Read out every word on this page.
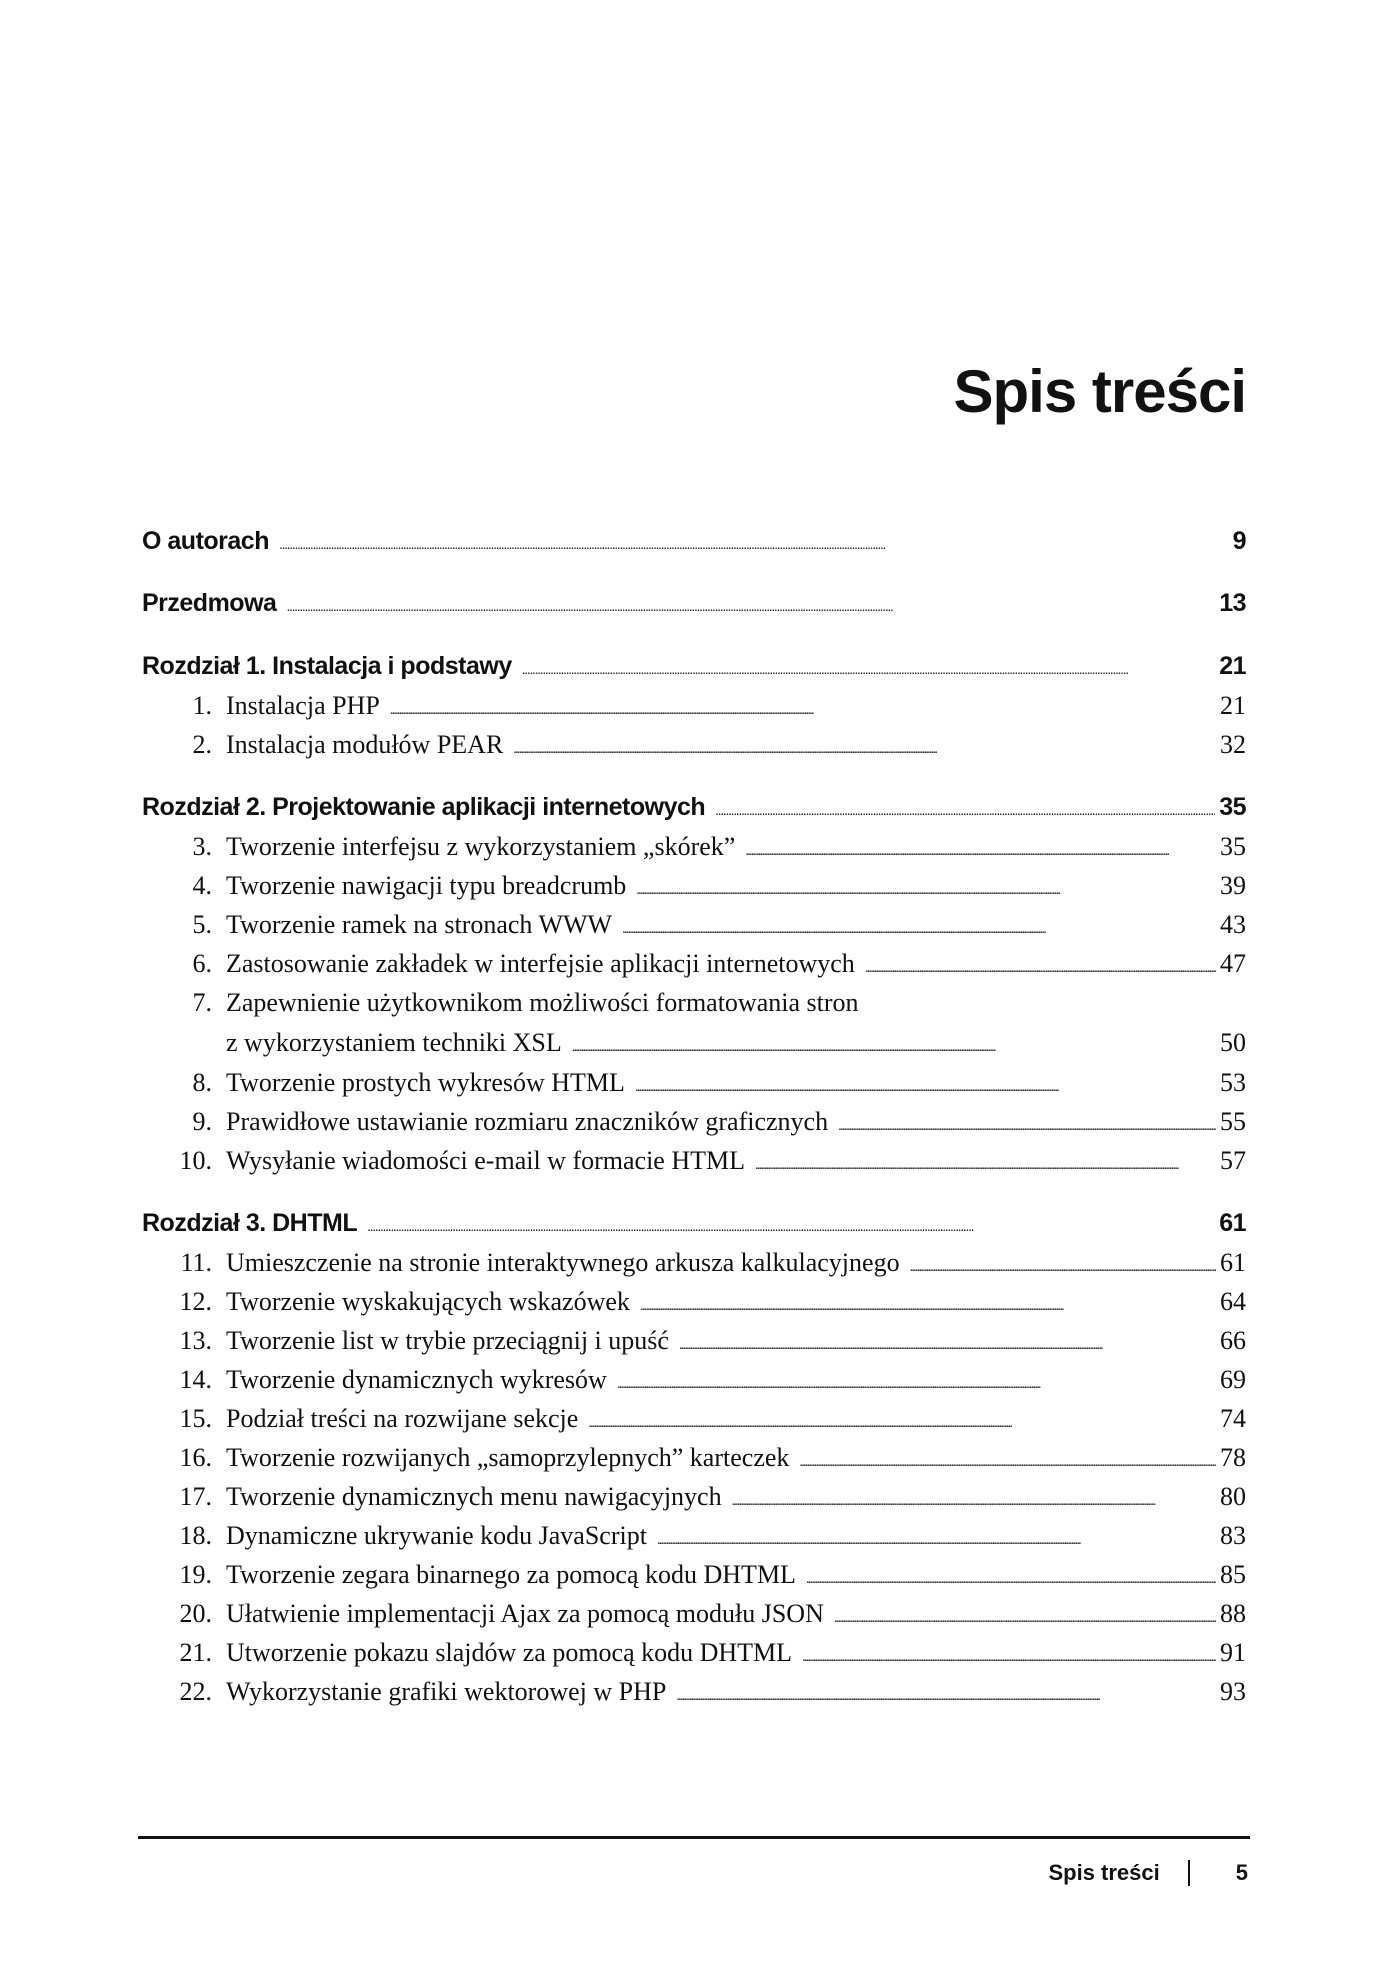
Spis treści
O autorach . . .	9
Przedmowa . . .	13
Rozdział 1. Instalacja i podstawy . . .	21
1. Instalacja PHP . . .	21
2. Instalacja modułów PEAR . . .	32
Rozdział 2. Projektowanie aplikacji internetowych . . .	35
3. Tworzenie interfejsu z wykorzystaniem „skórek” . . .	35
4. Tworzenie nawigacji typu breadcrumb . . .	39
5. Tworzenie ramek na stronach WWW . . .	43
6. Zastosowanie zakładek w interfejsie aplikacji internetowych . . .	47
7. Zapewnienie użytkownikom możliwości formatowania stron
z wykorzystaniem techniki XSL . . .	50
8. Tworzenie prostych wykresów HTML . . .	53
9. Prawidłowe ustawianie rozmiaru znaczników graficznych . . .	55
10. Wysyłanie wiadomości e-mail w formacie HTML . . .	57
Rozdział 3. DHTML . . .	61
11. Umieszczenie na stronie interaktywnego arkusza kalkulacyjnego . . .	61
12. Tworzenie wyskakujących wskazówek . . .	64
13. Tworzenie list w trybie przeciągnij i upuść . . .	66
14. Tworzenie dynamicznych wykresów . . .	69
15. Podział treści na rozwijane sekcje . . .	74
16. Tworzenie rozwijanych „samoprzylepnych” karteczek . . .	78
17. Tworzenie dynamicznych menu nawigacyjnych . . .	80
18. Dynamiczne ukrywanie kodu JavaScript . . .	83
19. Tworzenie zegara binarnego za pomocą kodu DHTML . . .	85
20. Ułatwienie implementacji Ajax za pomocą modułu JSON . . .	88
21. Utworzenie pokazu slajdów za pomocą kodu DHTML . . .	91
22. Wykorzystanie grafiki wektorowej w PHP . . .	93
Spis treści	5
